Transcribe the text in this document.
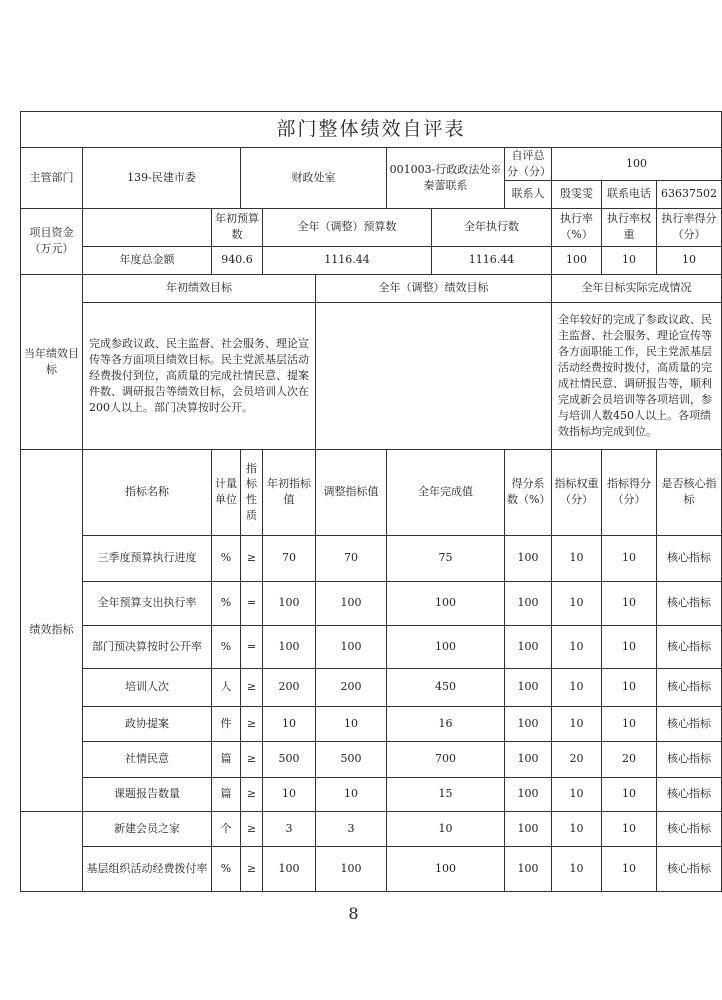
部门整体绩效自评表											
主管部门	139-民建市委		财政处室			001003-行政政法处※秦蕾联系		自评总分（分）	100		
								联系人	殷雯雯	联系电话	63637502
项目资金（万元）		年初预算数		全年（调整）预算数			全年执行数		执行率（%）	执行率权重	执行率得分（分）
	年度总金额	940.6		1116.44			1116.44		100	10	10
当年绩效目标	年初绩效目标				全年（调整）绩效目标				全年目标实际完成情况		
	完成参政议政、民主监督、社会服务、理论宣传等各方面项目绩效目标。民主党派基层活动经费拨付到位，高质量的完成社情民意、提案件数、调研报告等绩效目标，会员培训人次在200人以上。部门决算按时公开。								全年较好的完成了参政议政、民主监督、社会服务、理论宣传等各方面职能工作，民主党派基层活动经费按时拨付，高质量的完成社情民意、调研报告等，顺利完成新会员培训等各项培训，参与培训人数450人以上。各项绩效指标均完成到位。		
绩效指标	指标名称	计量单位	指标性质	年初指标值	调整指标值	全年完成值		得分系数（%）	指标权重（分）	指标得分（分）	是否核心指标
	三季度预算执行进度	%	≥	70	70	75		100	10	10	核心指标
	全年预算支出执行率	%	=	100	100	100		100	10	10	核心指标
	部门预决算按时公开率	%	=	100	100	100		100	10	10	核心指标
	培训人次	人	≥	200	200	450		100	10	10	核心指标
	政协提案	件	≥	10	10	16		100	10	10	核心指标
	社情民意	篇	≥	500	500	700		100	20	20	核心指标
	课题报告数量	篇	≥	10	10	15		100	10	10	核心指标
	新建会员之家	个	≥	3	3	10		100	10	10	核心指标
	基层组织活动经费拨付率	%	≥	100	100	100		100	10	10	核心指标
8
